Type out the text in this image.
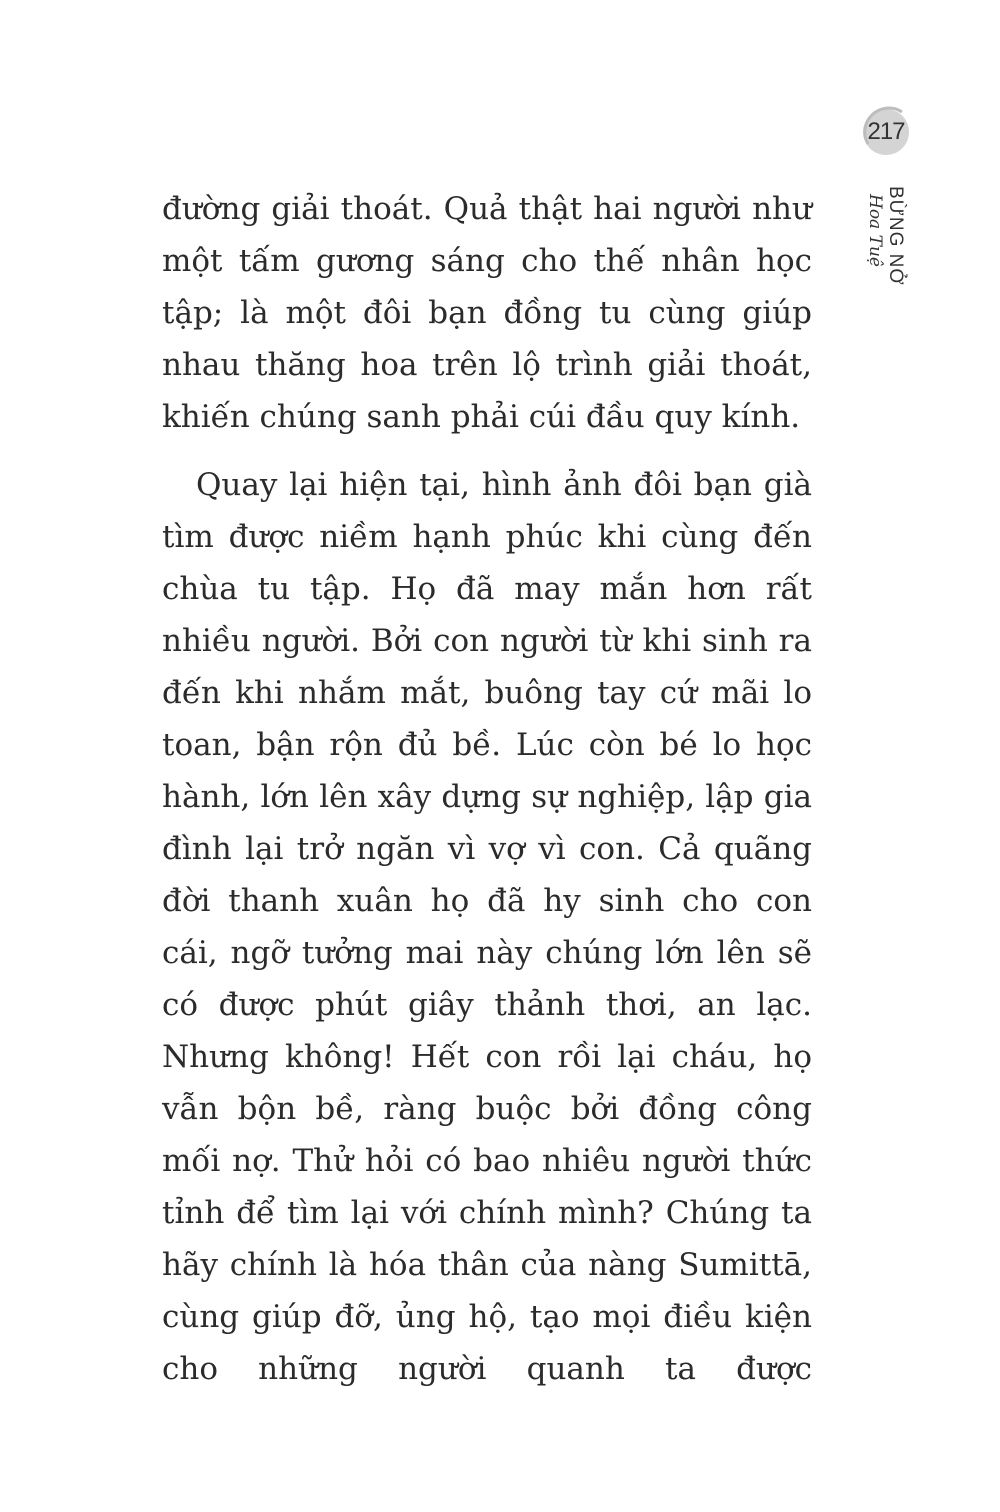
217
Hoa Tuệ BỪNG NỞ

đường giải thoát. Quả thật hai người như một tấm gương sáng cho thế nhân học tập; là một đôi bạn đồng tu cùng giúp nhau thăng hoa trên lộ trình giải thoát, khiến chúng sanh phải cúi đầu quy kính.

Quay lại hiện tại, hình ảnh đôi bạn già tìm được niềm hạnh phúc khi cùng đến chùa tu tập. Họ đã may mắn hơn rất nhiều người. Bởi con người từ khi sinh ra đến khi nhắm mắt, buông tay cứ mãi lo toan, bận rộn đủ bề. Lúc còn bé lo học hành, lớn lên xây dựng sự nghiệp, lập gia đình lại trở ngăn vì vợ vì con. Cả quãng đời thanh xuân họ đã hy sinh cho con cái, ngỡ tưởng mai này chúng lớn lên sẽ có được phút giây thảnh thơi, an lạc. Nhưng không! Hết con rồi lại cháu, họ vẫn bộn bề, ràng buộc bởi đồng công mối nợ. Thử hỏi có bao nhiêu người thức tỉnh để tìm lại với chính mình? Chúng ta hãy chính là hóa thân của nàng Sumittā, cùng giúp đỡ, ủng hộ, tạo mọi điều kiện cho những người quanh ta được
